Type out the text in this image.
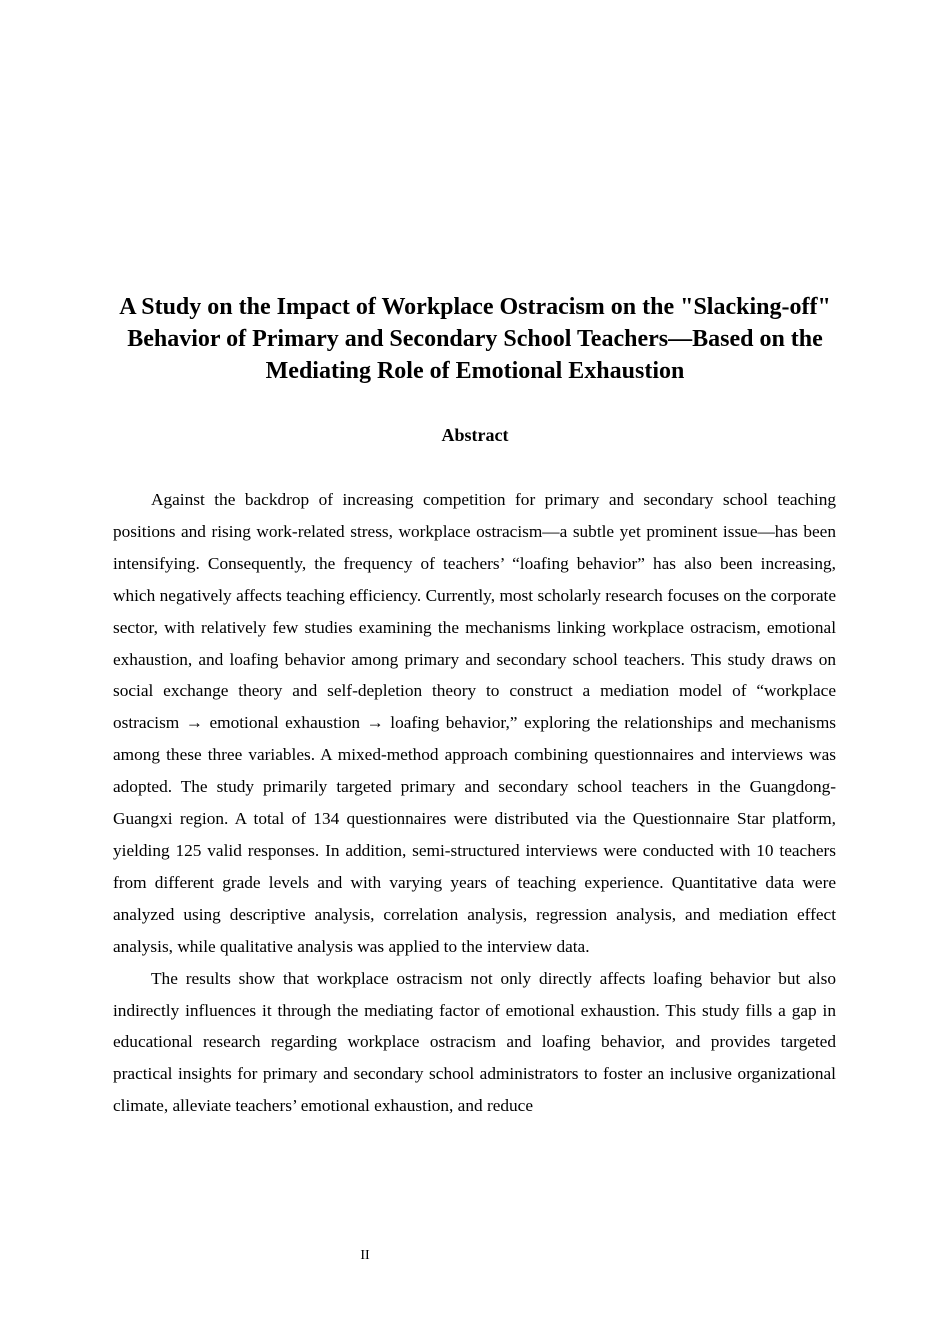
A Study on the Impact of Workplace Ostracism on the "Slacking-off" Behavior of Primary and Secondary School Teachers—Based on the Mediating Role of Emotional Exhaustion
Abstract

Against the backdrop of increasing competition for primary and secondary school teaching positions and rising work-related stress, workplace ostracism—a subtle yet prominent issue—has been intensifying. Consequently, the frequency of teachers’ “loafing behavior” has also been increasing, which negatively affects teaching efficiency. Currently, most scholarly research focuses on the corporate sector, with relatively few studies examining the mechanisms linking workplace ostracism, emotional exhaustion, and loafing behavior among primary and secondary school teachers. This study draws on social exchange theory and self-depletion theory to construct a mediation model of “workplace ostracism → emotional exhaustion → loafing behavior,” exploring the relationships and mechanisms among these three variables. A mixed-method approach combining questionnaires and interviews was adopted. The study primarily targeted primary and secondary school teachers in the Guangdong-Guangxi region. A total of 134 questionnaires were distributed via the Questionnaire Star platform, yielding 125 valid responses. In addition, semi-structured interviews were conducted with 10 teachers from different grade levels and with varying years of teaching experience. Quantitative data were analyzed using descriptive analysis, correlation analysis, regression analysis, and mediation effect analysis, while qualitative analysis was applied to the interview data.

The results show that workplace ostracism not only directly affects loafing behavior but also indirectly influences it through the mediating factor of emotional exhaustion. This study fills a gap in educational research regarding workplace ostracism and loafing behavior, and provides targeted practical insights for primary and secondary school administrators to foster an inclusive organizational climate, alleviate teachers’ emotional exhaustion, and reduce

II
